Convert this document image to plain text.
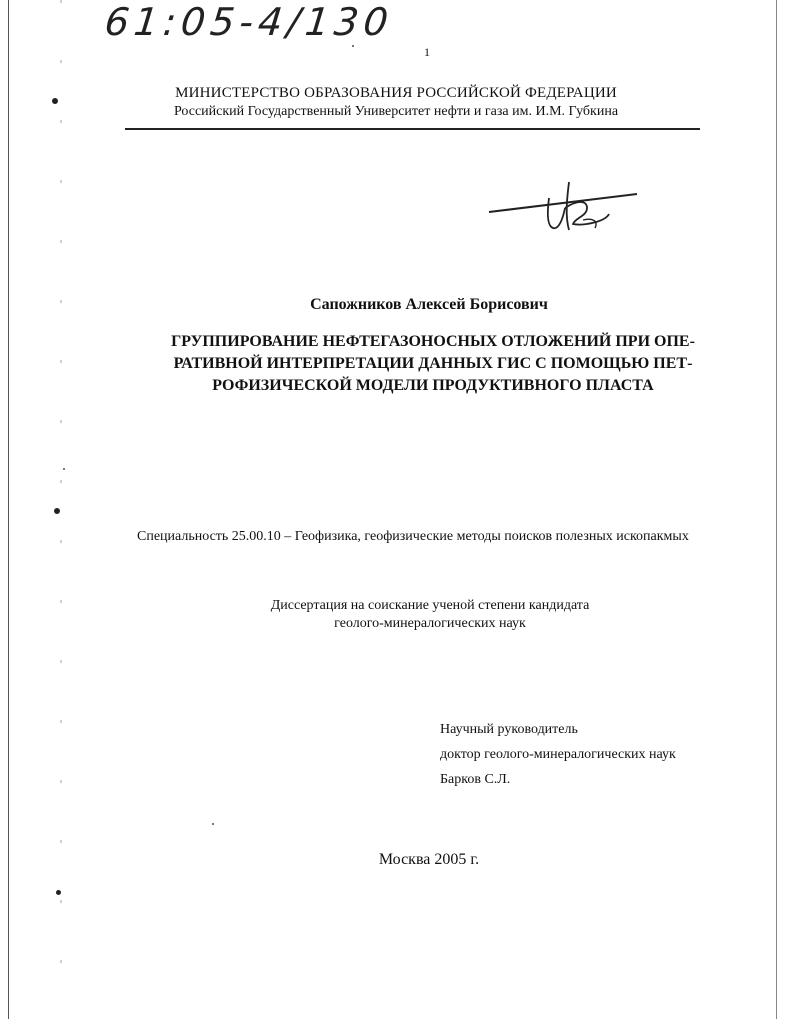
61:05-4/130
1
МИНИСТЕРСТВО ОБРАЗОВАНИЯ РОССИЙСКОЙ ФЕДЕРАЦИИ
Российский Государственный Университет нефти и газа им. И.М. Губкина
Сапожников Алексей Борисович
ГРУППИРОВАНИЕ НЕФТЕГАЗОНОСНЫХ ОТЛОЖЕНИЙ ПРИ ОПЕ-
РАТИВНОЙ ИНТЕРПРЕТАЦИИ ДАННЫХ ГИС С ПОМОЩЬЮ ПЕТ-
РОФИЗИЧЕСКОЙ МОДЕЛИ ПРОДУКТИВНОГО ПЛАСТА
Специальность 25.00.10 – Геофизика, геофизические методы поисков полезных ископакмых
Диссертация на соискание ученой степени кандидата
геолого-минералогических наук
Научный руководитель
доктор геолого-минералогических наук
Барков С.Л.
Москва 2005 г.
